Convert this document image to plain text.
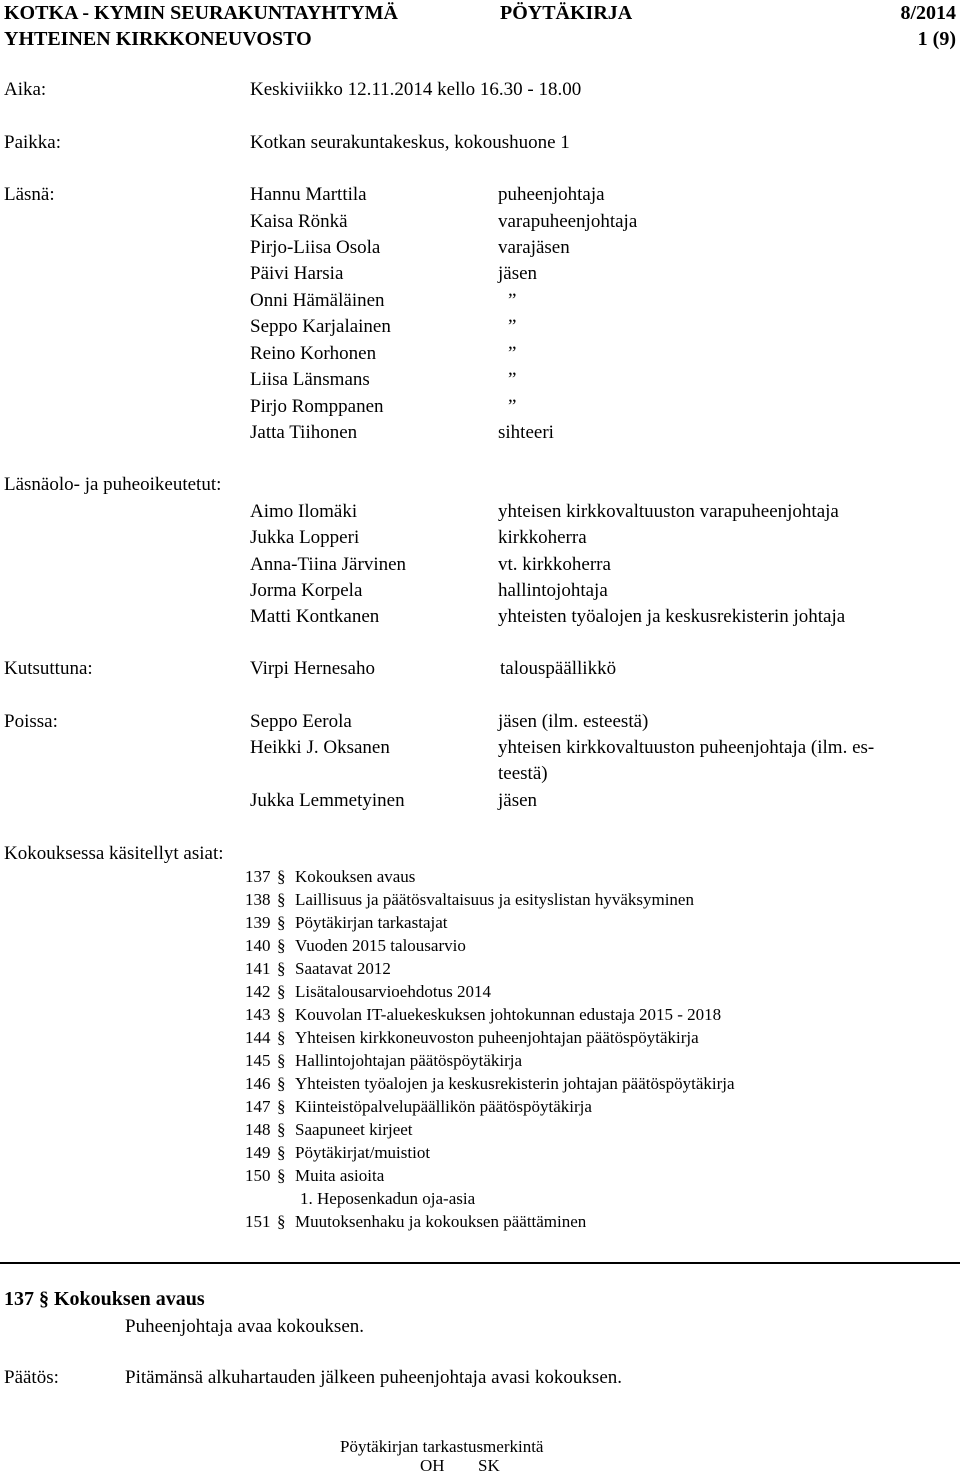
KOTKA - KYMIN SEURAKUNTAYHTYMÄ
YHTEINEN KIRKKONEUVOSTO
PÖYTÄKIRJA	8/2014
1 (9)
Aika:	Keskiviikko 12.11.2014 kello 16.30 - 18.00
Paikka:	Kotkan seurakuntakeskus, kokoushuone 1
Läsnä:	Hannu Marttila	puheenjohtaja
Kaisa Rönkä	varapuheenjohtaja
Pirjo-Liisa Osola	varajäsen
Päivi Harsia	jäsen
Onni Hämäläinen	”
Seppo Karjalainen	”
Reino Korhonen	”
Liisa Länsmans	”
Pirjo Romppanen	”
Jatta Tiihonen	sihteeri
Läsnäolo- ja puheoikeutetut:
Aimo Ilomäki	yhteisen kirkkovaltuuston varapuheenjohtaja
Jukka Lopperi	kirkkoherra
Anna-Tiina Järvinen	vt. kirkkoherra
Jorma Korpela	hallintojohtaja
Matti Kontkanen	yhteisten työalojen ja keskusrekisterin johtaja
Kutsuttuna:	Virpi Hernesaho	talouspäällikkö
Poissa:	Seppo Eerola	jäsen (ilm. esteestä)
Heikki J. Oksanen	yhteisen kirkkovaltuuston puheenjohtaja (ilm. es-
teestä)
Jukka Lemmetyinen	jäsen
Kokouksessa käsitellyt asiat:
137 § Kokouksen avaus
138 § Laillisuus ja päätösvaltaisuus ja esityslistan hyväksyminen
139 § Pöytäkirjan tarkastajat
140 § Vuoden 2015 talousarvio
141 § Saatavat 2012
142 § Lisätalousarvioehdotus 2014
143 § Kouvolan IT-aluekeskuksen johtokunnan edustaja 2015 - 2018
144 § Yhteisen kirkkoneuvoston puheenjohtajan päätöspöytäkirja
145 § Hallintojohtajan päätöspöytäkirja
146 § Yhteisten työalojen ja keskusrekisterin johtajan päätöspöytäkirja
147 § Kiinteistöpalvelupäällikön päätöspöytäkirja
148 § Saapuneet kirjeet
149 § Pöytäkirjat/muistiot
150 § Muita asioita
1. Heposenkadun oja-asia
151 § Muutoksenhaku ja kokouksen päättäminen
137 § Kokouksen avaus
Puheenjohtaja avaa kokouksen.
Päätös:	Pitämänsä alkuhartauden jälkeen puheenjohtaja avasi kokouksen.
Pöytäkirjan tarkastusmerkintä
OH SK
